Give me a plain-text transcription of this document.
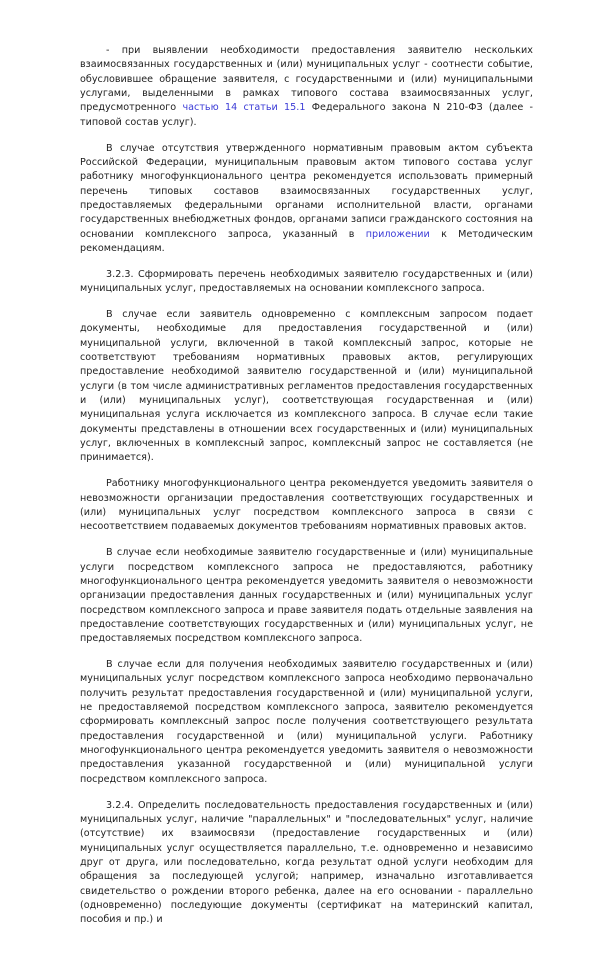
- при выявлении необходимости предоставления заявителю нескольких взаимосвязанных государственных и (или) муниципальных услуг - соотнести событие, обусловившее обращение заявителя, с государственными и (или) муниципальными услугами, выделенными в рамках типового состава взаимосвязанных услуг, предусмотренного частью 14 статьи 15.1 Федерального закона N 210-ФЗ (далее - типовой состав услуг).

В случае отсутствия утвержденного нормативным правовым актом субъекта Российской Федерации, муниципальным правовым актом типового состава услуг работнику многофункционального центра рекомендуется использовать примерный перечень типовых составов взаимосвязанных государственных услуг, предоставляемых федеральными органами исполнительной власти, органами государственных внебюджетных фондов, органами записи гражданского состояния на основании комплексного запроса, указанный в приложении к Методическим рекомендациям.

3.2.3. Сформировать перечень необходимых заявителю государственных и (или) муниципальных услуг, предоставляемых на основании комплексного запроса.

В случае если заявитель одновременно с комплексным запросом подает документы, необходимые для предоставления государственной и (или) муниципальной услуги, включенной в такой комплексный запрос, которые не соответствуют требованиям нормативных правовых актов, регулирующих предоставление необходимой заявителю государственной и (или) муниципальной услуги (в том числе административных регламентов предоставления государственных и (или) муниципальных услуг), соответствующая государственная и (или) муниципальная услуга исключается из комплексного запроса. В случае если такие документы представлены в отношении всех государственных и (или) муниципальных услуг, включенных в комплексный запрос, комплексный запрос не составляется (не принимается).

Работнику многофункционального центра рекомендуется уведомить заявителя о невозможности организации предоставления соответствующих государственных и (или) муниципальных услуг посредством комплексного запроса в связи с несоответствием подаваемых документов требованиям нормативных правовых актов.

В случае если необходимые заявителю государственные и (или) муниципальные услуги посредством комплексного запроса не предоставляются, работнику многофункционального центра рекомендуется уведомить заявителя о невозможности организации предоставления данных государственных и (или) муниципальных услуг посредством комплексного запроса и праве заявителя подать отдельные заявления на предоставление соответствующих государственных и (или) муниципальных услуг, не предоставляемых посредством комплексного запроса.

В случае если для получения необходимых заявителю государственных и (или) муниципальных услуг посредством комплексного запроса необходимо первоначально получить результат предоставления государственной и (или) муниципальной услуги, не предоставляемой посредством комплексного запроса, заявителю рекомендуется сформировать комплексный запрос после получения соответствующего результата предоставления государственной и (или) муниципальной услуги. Работнику многофункционального центра рекомендуется уведомить заявителя о невозможности предоставления указанной государственной и (или) муниципальной услуги посредством комплексного запроса.

3.2.4. Определить последовательность предоставления государственных и (или) муниципальных услуг, наличие "параллельных" и "последовательных" услуг, наличие (отсутствие) их взаимосвязи (предоставление государственных и (или) муниципальных услуг осуществляется параллельно, т.е. одновременно и независимо друг от друга, или последовательно, когда результат одной услуги необходим для обращения за последующей услугой; например, изначально изготавливается свидетельство о рождении второго ребенка, далее на его основании - параллельно (одновременно) последующие документы (сертификат на материнский капитал, пособия и пр.) и
